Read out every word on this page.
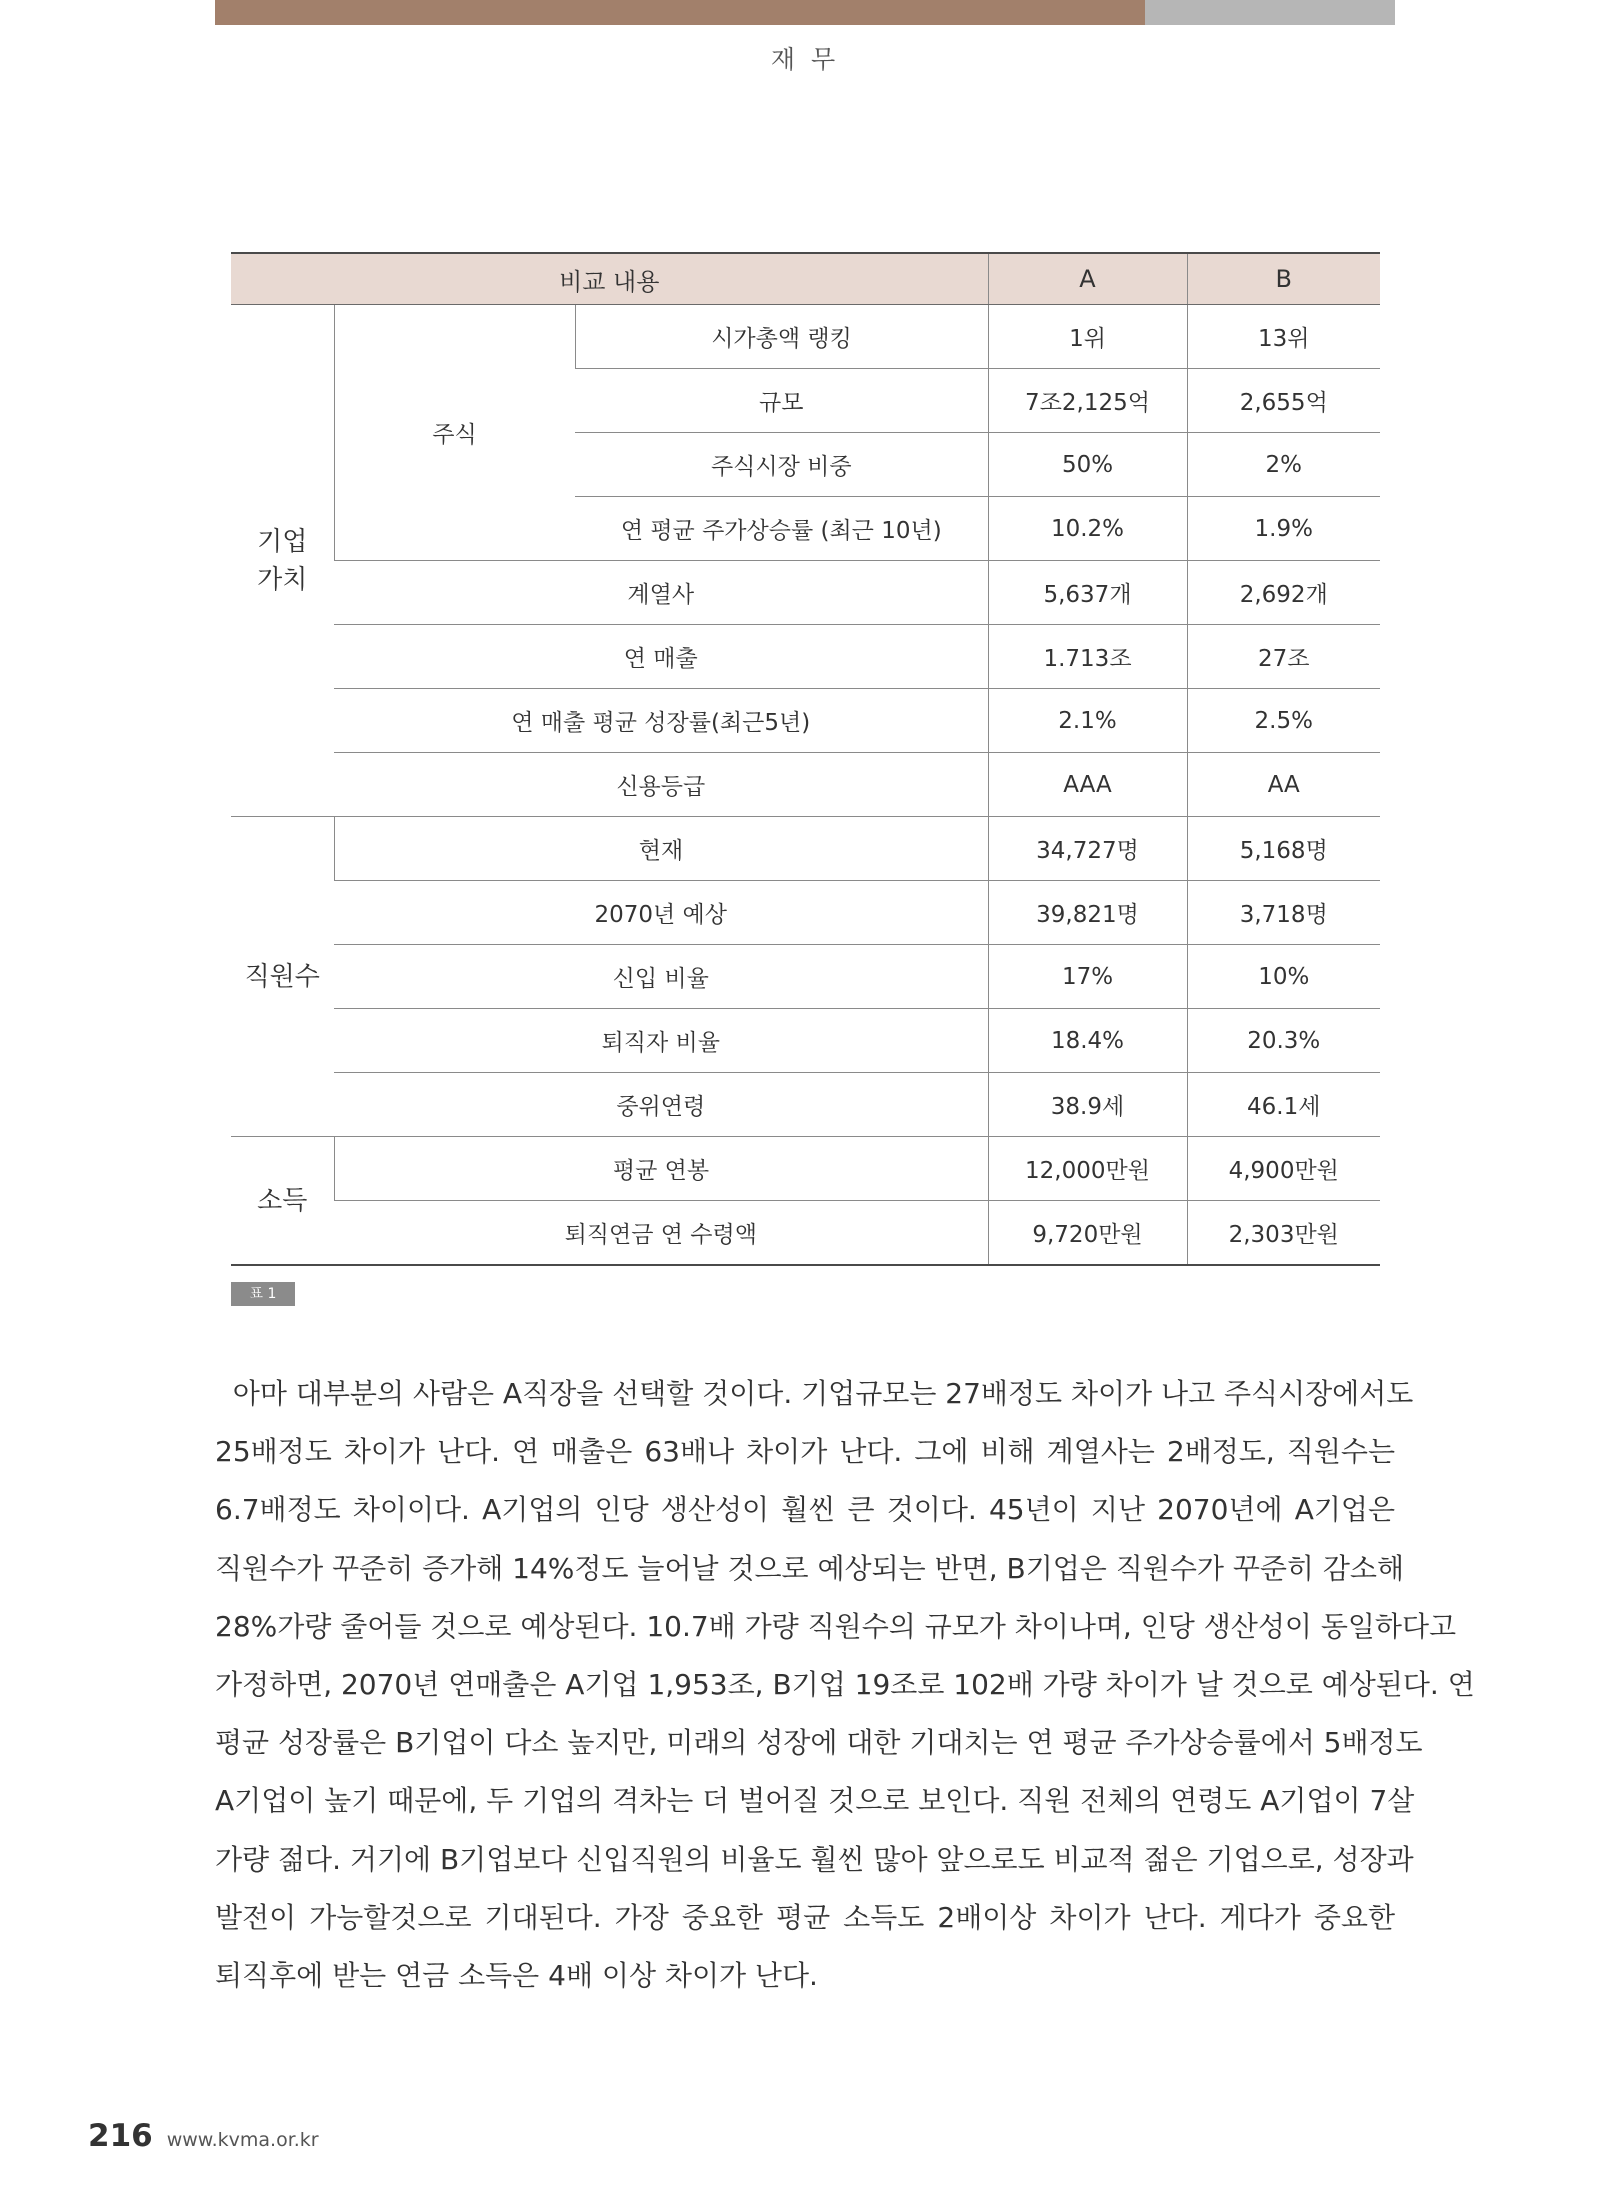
재 무
비교 내용			A	B
기업
가치	주식	시가총액 랭킹	1위	13위
		규모	7조2,125억	2,655억
		주식시장 비중	50%	2%
		연 평균 주가상승률 (최근 10년)	10.2%	1.9%
	계열사		5,637개	2,692개
	연 매출		1.713조	27조
	연 매출 평균 성장률(최근5년)		2.1%	2.5%
	신용등급		AAA	AA
직원수	현재		34,727명	5,168명
	2070년 예상		39,821명	3,718명
	신입 비율		17%	10%
	퇴직자 비율		18.4%	20.3%
	중위연령		38.9세	46.1세
소득	평균 연봉		12,000만원	4,900만원
	퇴직연금 연 수령액		9,720만원	2,303만원
표 1

아마 대부분의 사람은 A직장을 선택할 것이다. 기업규모는 27배정도 차이가 나고 주식시장에서도
25배정도 차이가 난다. 연 매출은 63배나 차이가 난다. 그에 비해 계열사는 2배정도, 직원수는
6.7배정도 차이이다. A기업의 인당 생산성이 훨씬 큰 것이다. 45년이 지난 2070년에 A기업은
직원수가 꾸준히 증가해 14%정도 늘어날 것으로 예상되는 반면, B기업은 직원수가 꾸준히 감소해
28%가량 줄어들 것으로 예상된다. 10.7배 가량 직원수의 규모가 차이나며, 인당 생산성이 동일하다고
가정하면, 2070년 연매출은 A기업 1,953조, B기업 19조로 102배 가량 차이가 날 것으로 예상된다. 연
평균 성장률은 B기업이 다소 높지만, 미래의 성장에 대한 기대치는 연 평균 주가상승률에서 5배정도
A기업이 높기 때문에, 두 기업의 격차는 더 벌어질 것으로 보인다. 직원 전체의 연령도 A기업이 7살
가량 젊다. 거기에 B기업보다 신입직원의 비율도 훨씬 많아 앞으로도 비교적 젊은 기업으로, 성장과
발전이 가능할것으로 기대된다. 가장 중요한 평균 소득도 2배이상 차이가 난다. 게다가 중요한
퇴직후에 받는 연금 소득은 4배 이상 차이가 난다.

216 www.kvma.or.kr
